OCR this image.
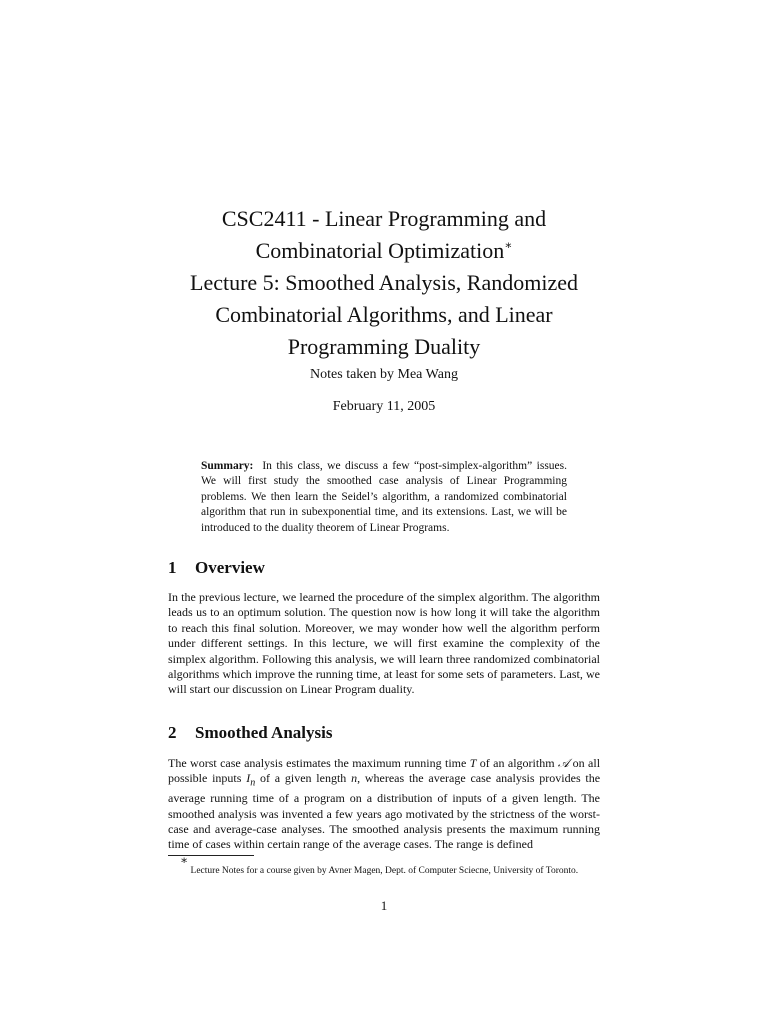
CSC2411 - Linear Programming and
Combinatorial Optimization∗
Lecture 5: Smoothed Analysis, Randomized
Combinatorial Algorithms, and Linear
Programming Duality
Notes taken by Mea Wang
February 11, 2005
Summary: In this class, we discuss a few “post-simplex-algorithm” issues. We will first study the smoothed case analysis of Linear Programming problems. We then learn the Seidel’s algorithm, a randomized combinatorial algorithm that run in subexponential time, and its extensions. Last, we will be introduced to the duality theorem of Linear Programs.
1 Overview
In the previous lecture, we learned the procedure of the simplex algorithm. The algorithm leads us to an optimum solution. The question now is how long it will take the algorithm to reach this final solution. Moreover, we may wonder how well the algorithm perform under different settings. In this lecture, we will first examine the complexity of the simplex algorithm. Following this analysis, we will learn three randomized combinatorial algorithms which improve the running time, at least for some sets of parameters. Last, we will start our discussion on Linear Program duality.
2 Smoothed Analysis
The worst case analysis estimates the maximum running time T of an algorithm 𝒜 on all possible inputs $I_n$ of a given length n, whereas the average case analysis provides the average running time of a program on a distribution of inputs of a given length. The smoothed analysis was invented a few years ago motivated by the strictness of the worst-case and average-case analyses. The smoothed analysis presents the maximum running time of cases within certain range of the average cases. The range is defined
∗ Lecture Notes for a course given by Avner Magen, Dept. of Computer Sciecne, University of Toronto.
1
